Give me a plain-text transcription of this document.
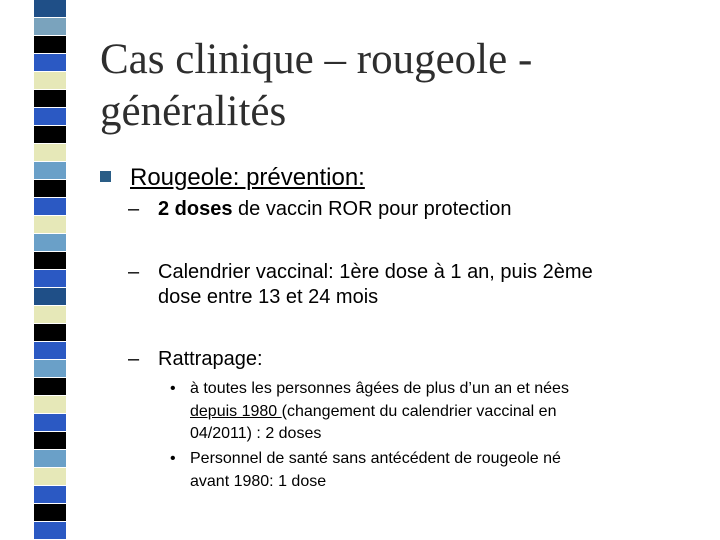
Cas clinique – rougeole -
généralités
Rougeole: prévention:
– 2 doses de vaccin ROR pour protection
– Calendrier vaccinal: 1ère dose à 1 an, puis 2ème
dose entre 13 et 24 mois
– Rattrapage:
• à toutes les personnes âgées de plus d’un an et nées
depuis 1980 (changement du calendrier vaccinal en
04/2011) : 2 doses
• Personnel de santé sans antécédent de rougeole né
avant 1980: 1 dose
